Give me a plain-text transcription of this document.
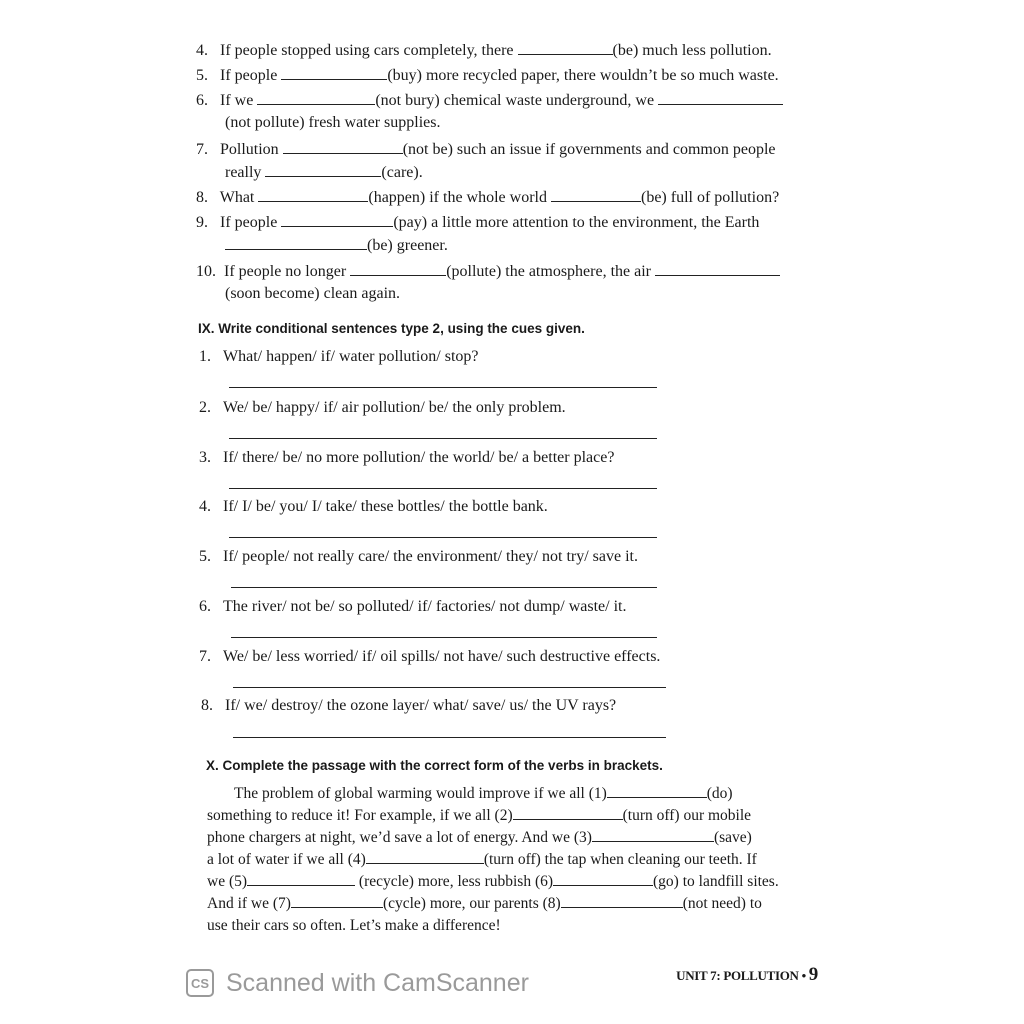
4. If people stopped using cars completely, there	(be) much less pollution.
5. If people	(buy) more recycled paper, there wouldn’t be so much waste.
6. If we	(not bury) chemical waste underground, we
(not pollute) fresh water supplies.
7. Pollution	(not be) such an issue if governments and common people
really	(care).
8. What	(happen) if the whole world	(be) full of pollution?
9. If people	(pay) a little more attention to the environment, the Earth
(be) greener.
10. If people no longer	(pollute) the atmosphere, the air
(soon become) clean again.
IX. Write conditional sentences type 2, using the cues given.
1. What/ happen/ if/ water pollution/ stop?
2. We/ be/ happy/ if/ air pollution/ be/ the only problem.
3. If/ there/ be/ no more pollution/ the world/ be/ a better place?
4. If/ I/ be/ you/ I/ take/ these bottles/ the bottle bank.
5. If/ people/ not really care/ the environment/ they/ not try/ save it.
6. The river/ not be/ so polluted/ if/ factories/ not dump/ waste/ it.
7. We/ be/ less worried/ if/ oil spills/ not have/ such destructive effects.
8. If/ we/ destroy/ the ozone layer/ what/ save/ us/ the UV rays?
X. Complete the passage with the correct form of the verbs in brackets.
The problem of global warming would improve if we all (1)	(do)
something to reduce it! For example, if we all (2)	(turn off) our mobile
phone chargers at night, we’d save a lot of energy. And we (3)	(save)
a lot of water if we all (4)	(turn off) the tap when cleaning our teeth. If
we (5)	(recycle) more, less rubbish (6)	(go) to landfill sites.
And if we (7)	(cycle) more, our parents (8)	(not need) to
use their cars so often. Let’s make a difference!
CS Scanned with CamScanner	UNIT 7: POLLUTION • 9
